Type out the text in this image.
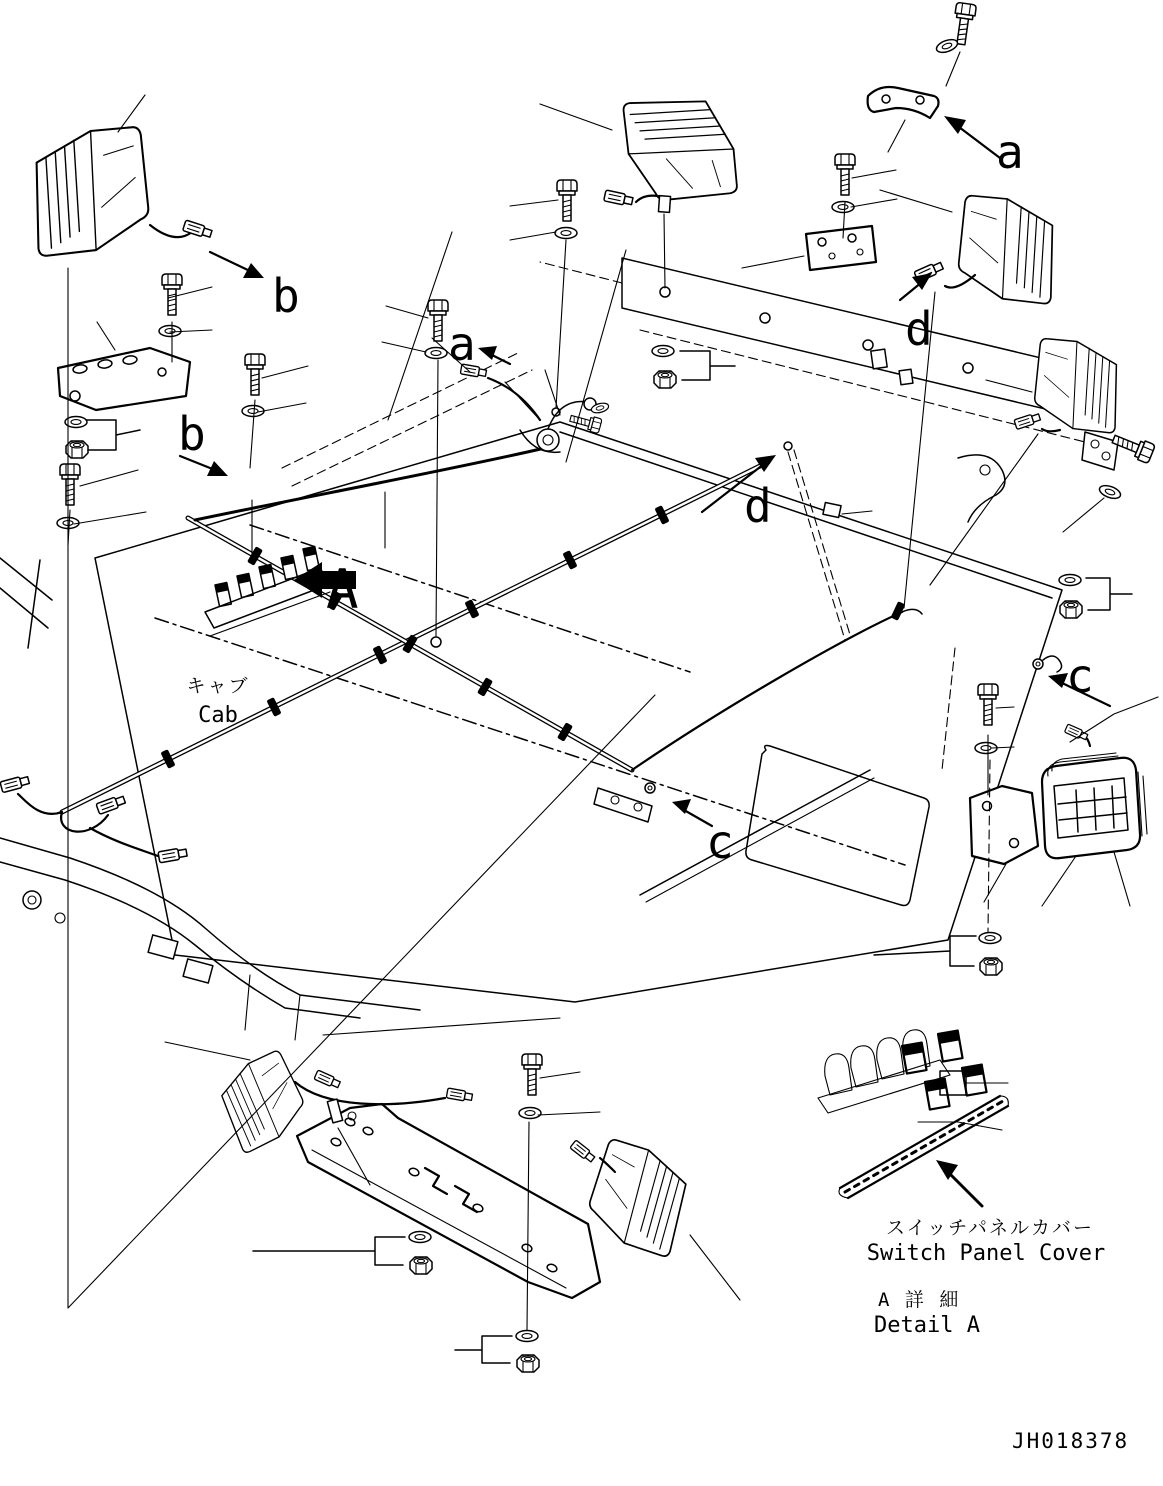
a
b
b
a	d
d
c
c
A
キャブ
Cab
スイッチパネルカバー
Switch Panel Cover
A 詳 細
Detail A
JH018378
